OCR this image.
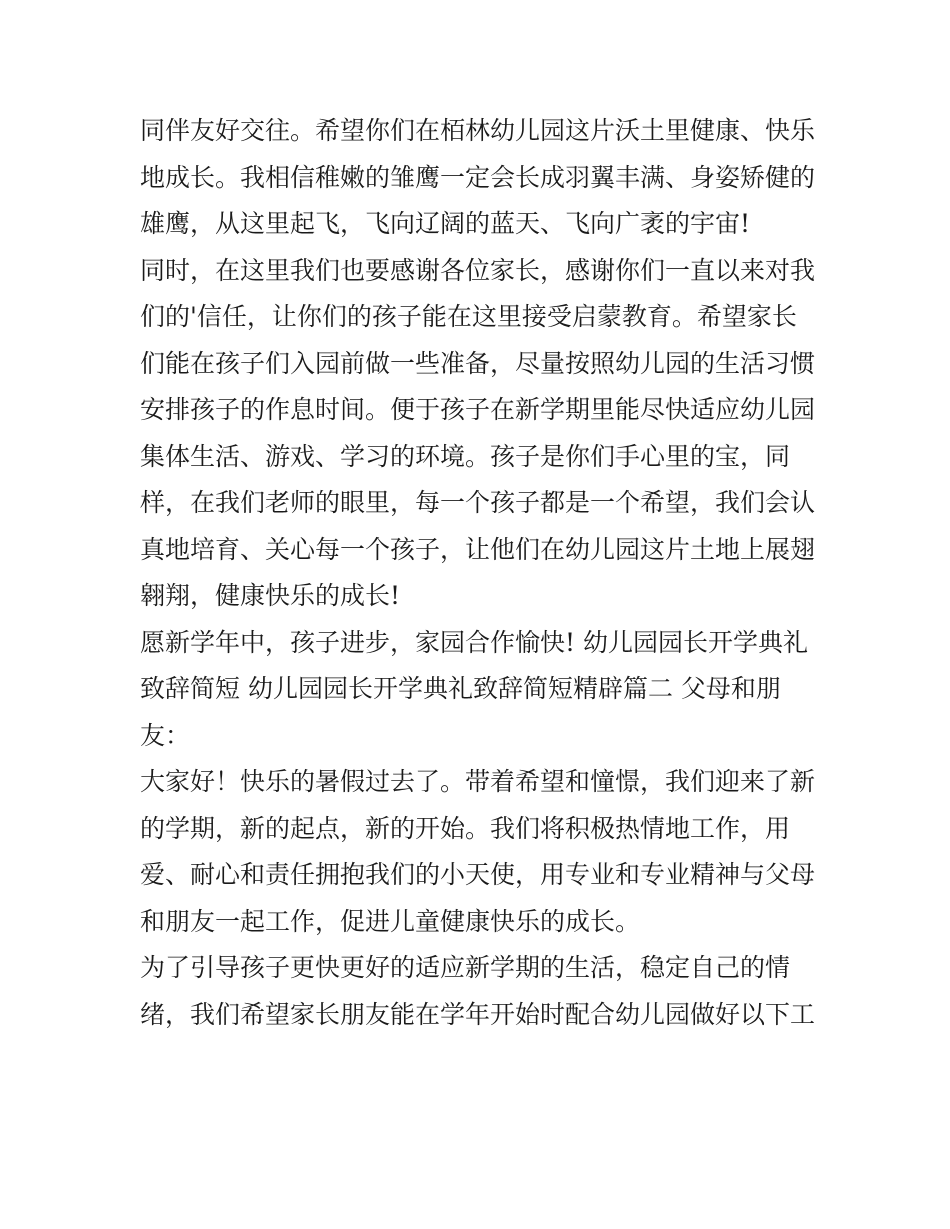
同伴友好交往。希望你们在栢林幼儿园这片沃土里健康、快乐
地成长。我相信稚嫩的雏鹰一定会长成羽翼丰满、身姿矫健的
雄鹰，从这里起飞，飞向辽阔的蓝天、飞向广袤的宇宙!
同时，在这里我们也要感谢各位家长，感谢你们一直以来对我
们的'信任，让你们的孩子能在这里接受启蒙教育。希望家长
们能在孩子们入园前做一些准备，尽量按照幼儿园的生活习惯
安排孩子的作息时间。便于孩子在新学期里能尽快适应幼儿园
集体生活、游戏、学习的环境。孩子是你们手心里的宝，同
样，在我们老师的眼里，每一个孩子都是一个希望，我们会认
真地培育、关心每一个孩子，让他们在幼儿园这片土地上展翅
翱翔，健康快乐的成长!
愿新学年中，孩子进步，家园合作愉快! 幼儿园园长开学典礼
致辞简短 幼儿园园长开学典礼致辞简短精辟篇二 父母和朋
友：
大家好！快乐的暑假过去了。带着希望和憧憬，我们迎来了新
的学期，新的起点，新的开始。我们将积极热情地工作，用
爱、耐心和责任拥抱我们的小天使，用专业和专业精神与父母
和朋友一起工作，促进儿童健康快乐的成长。
为了引导孩子更快更好的适应新学期的生活，稳定自己的情
绪，我们希望家长朋友能在学年开始时配合幼儿园做好以下工
